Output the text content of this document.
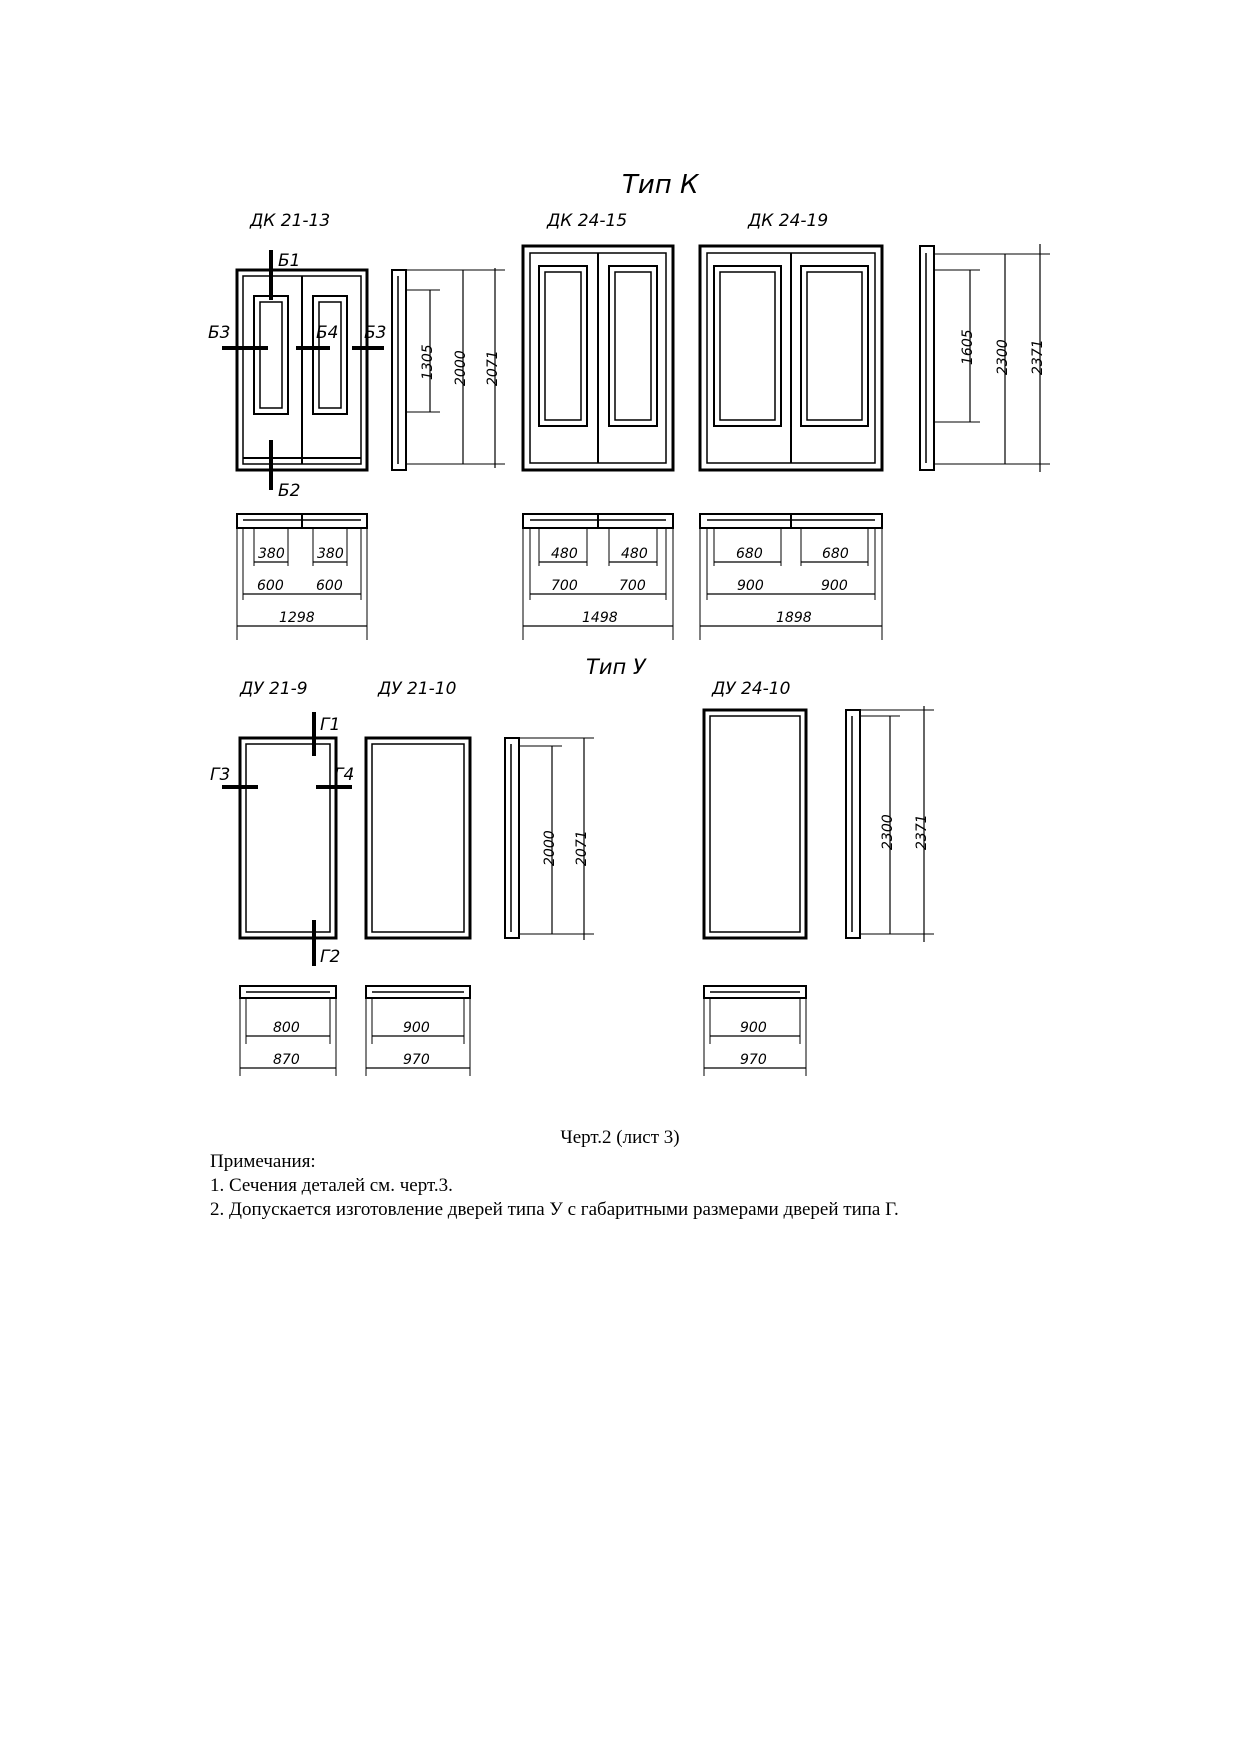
Тип К
ДК 21-13
Б1
Б2
Б3	Б4 Б3
1305 2000 2071
380 380
600 600
1298
ДК 24-15
480	480
700	700
1498
ДК 24-19
1605 2300 2371
680	680
900	900
1898
Тип У
ДУ 21-9
Г1
Г2
Г3	Г4
800
870
ДУ 21-10
2000 2071
900
970
ДУ 24-10
2300 2371
900
970
Черт.2 (лист 3)
Примечания:
1. Сечения деталей см. черт.3.
2. Допускается изготовление дверей типа У с габаритными размерами дверей типа Г.
